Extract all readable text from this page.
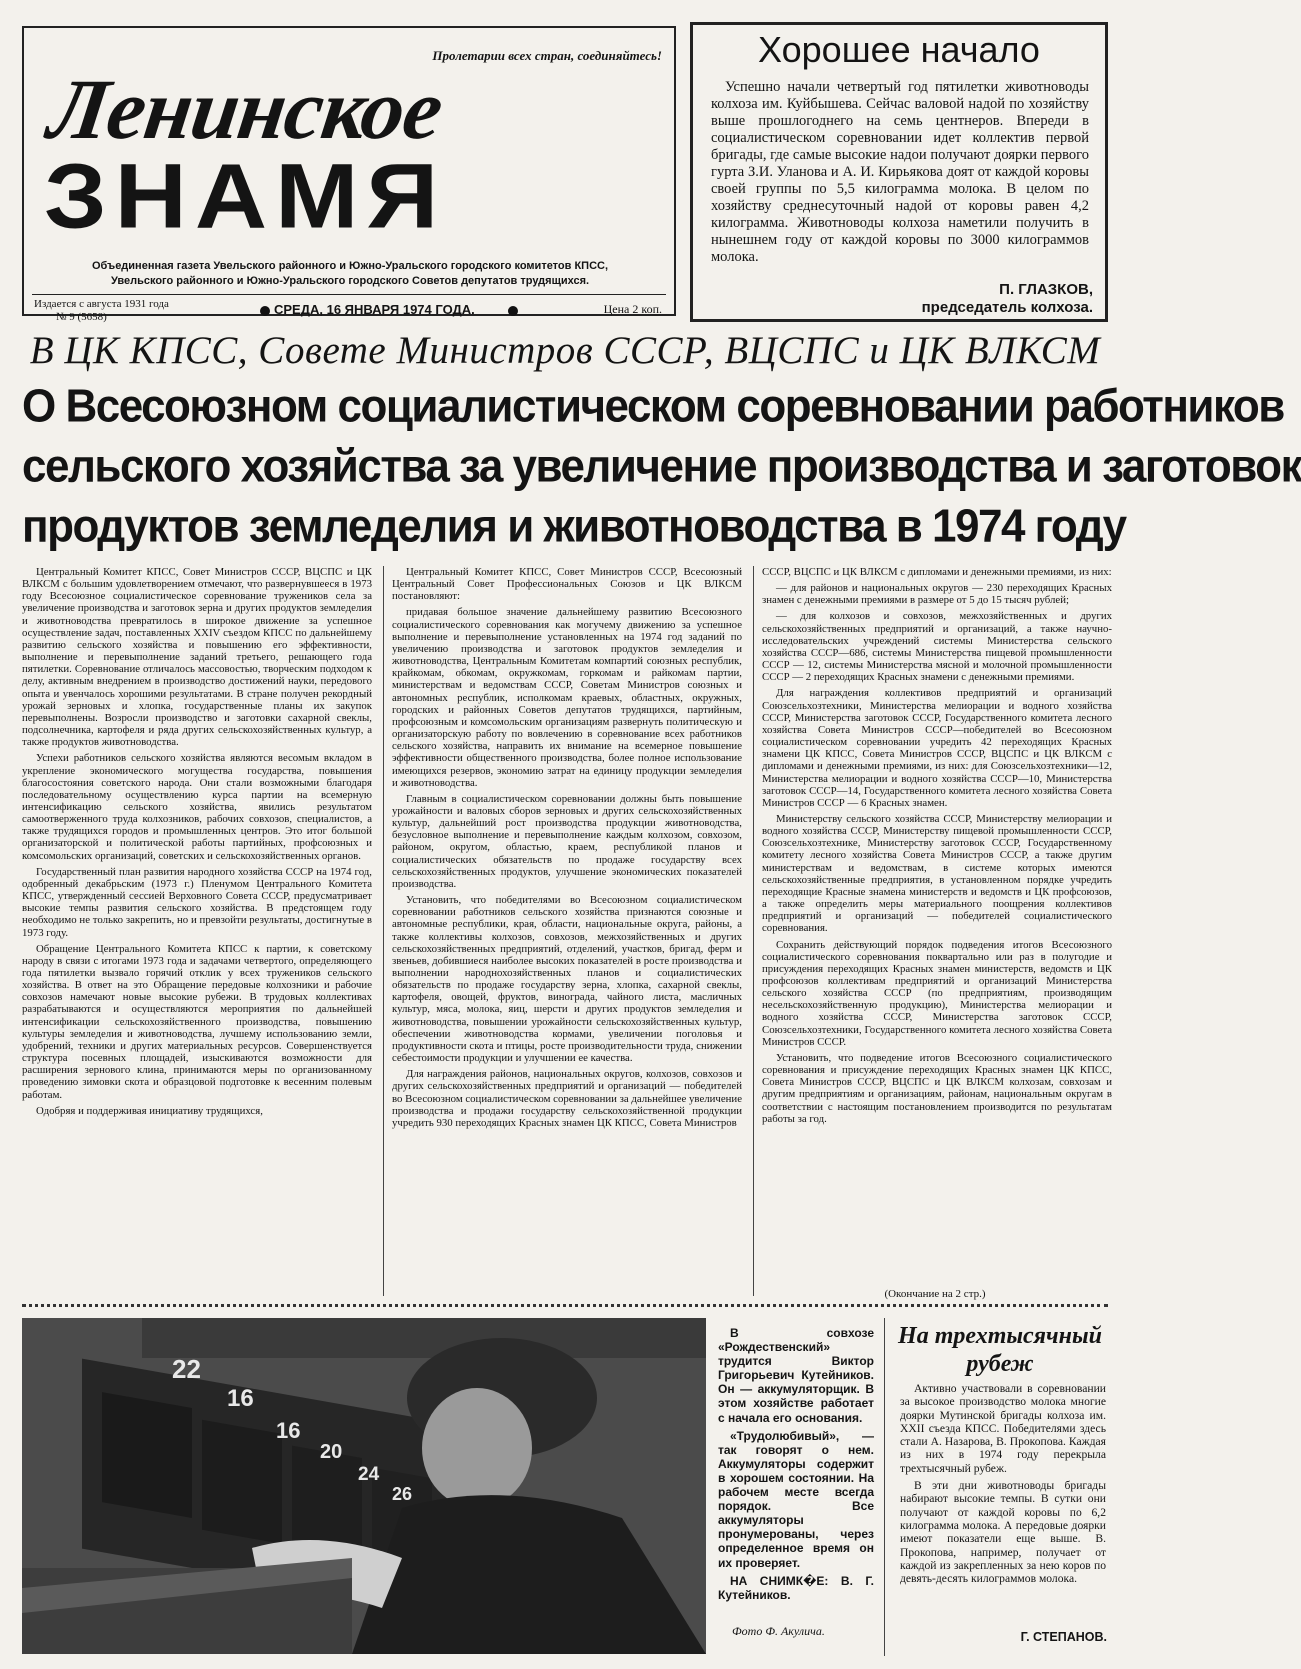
Пролетарии всех стран, соединяйтесь!
Ленинское
ЗНАМЯ
Объединенная газета Увельского районного и Южно-Уральского городского комитетов КПСС,
Увельского районного и Южно-Уральского городского Советов депутатов трудящихся.
Издается с августа 1931 года
№ 9 (5658)	СРЕДА, 16 ЯНВАРЯ 1974 ГОДА.	Цена 2 коп.
Хорошее начало
Успешно начали четвертый год пятилетки животноводы колхоза им. Куйбышева. Сейчас валовой надой по хозяйству выше прошлогоднего на семь центнеров. Впереди в социалистическом соревновании идет коллектив первой бригады, где самые высокие надои получают доярки первого гурта З.И. Уланова и А. И. Кирьякова доят от каждой коровы своей группы по 5,5 килограмма молока. В целом по хозяйству среднесуточный надой от коровы равен 4,2 килограмма. Животноводы колхоза наметили получить в нынешнем году от каждой коровы по 3000 килограммов молока.
П. ГЛАЗКОВ,
председатель колхоза.
В ЦК КПСС, Совете Министров СССР, ВЦСПС и ЦК ВЛКСМ
О Всесоюзном социалистическом соревновании работников
сельского хозяйства за увеличение производства и заготовок
продуктов земледелия и животноводства в 1974 году

Центральный Комитет КПСС, Совет Министров СССР, ВЦСПС и ЦК ВЛКСМ с большим удовлетворением отмечают, что развернувшееся в 1973 году Всесоюзное социалистическое соревнование тружеников села за увеличение производства и заготовок зерна и других продуктов земледелия и животноводства превратилось в широкое движение за успешное осуществление задач, поставленных XXIV съездом КПСС по дальнейшему развитию сельского хозяйства и повышению его эффективности, выполнение и перевыполнение заданий третьего, решающего года пятилетки. Соревнование отличалось массовостью, творческим подходом к делу, активным внедрением в производство достижений науки, передового опыта и увенчалось хорошими результатами. В стране получен рекордный урожай зерновых и хлопка, государственные планы их закупок перевыполнены. Возросли производство и заготовки сахарной свеклы, подсолнечника, картофеля и ряда других сельскохозяйственных культур, а также продуктов животноводства.

Успехи работников сельского хозяйства являются весомым вкладом в укрепление экономического могущества государства, повышения благосостояния советского народа. Они стали возможными благодаря последовательному осуществлению курса партии на всемерную интенсификацию сельского хозяйства, явились результатом самоотверженного труда колхозников, рабочих совхозов, специалистов, а также трудящихся городов и промышленных центров. Это итог большой организаторской и политической работы партийных, профсоюзных и комсомольских организаций, советских и сельскохозяйственных органов.

Государственный план развития народного хозяйства СССР на 1974 год, одобренный декабрьским (1973 г.) Пленумом Центрального Комитета КПСС, утвержденный сессией Верховного Совета СССР, предусматривает высокие темпы развития сельского хозяйства. В предстоящем году необходимо не только закрепить, но и превзойти результаты, достигнутые в 1973 году.

Обращение Центрального Комитета КПСС к партии, к советскому народу в связи с итогами 1973 года и задачами четвертого, определяющего года пятилетки вызвало горячий отклик у всех тружеников сельского хозяйства. В ответ на это Обращение передовые колхозники и рабочие совхозов намечают новые высокие рубежи. В трудовых коллективах разрабатываются и осуществляются мероприятия по дальнейшей интенсификации сельскохозяйственного производства, повышению культуры земледелия и животноводства, лучшему использованию земли, удобрений, техники и других материальных ресурсов. Совершенствуется структура посевных площадей, изыскиваются возможности для расширения зернового клина, принимаются меры по организованному проведению зимовки скота и образцовой подготовке к весенним полевым работам.

Одобряя и поддерживая инициативу трудящихся,

Центральный Комитет КПСС, Совет Министров СССР, Всесоюзный Центральный Совет Профессиональных Союзов и ЦК ВЛКСМ постановляют:

придавая большое значение дальнейшему развитию Всесоюзного социалистического соревнования как могучему движению за успешное выполнение и перевыполнение установленных на 1974 год заданий по увеличению производства и заготовок продуктов земледелия и животноводства, Центральным Комитетам компартий союзных республик, крайкомам, обкомам, окружкомам, горкомам и райкомам партии, министерствам и ведомствам СССР, Советам Министров союзных и автономных республик, исполкомам краевых, областных, окружных, городских и районных Советов депутатов трудящихся, партийным, профсоюзным и комсомольским организациям развернуть политическую и организаторскую работу по вовлечению в соревнование всех работников сельского хозяйства, направить их внимание на всемерное повышение эффективности общественного производства, более полное использование имеющихся резервов, экономию затрат на единицу продукции земледелия и животноводства.

Главным в социалистическом соревновании должны быть повышение урожайности и валовых сборов зерновых и других сельскохозяйственных культур, дальнейший рост производства продукции животноводства, безусловное выполнение и перевыполнение каждым колхозом, совхозом, районом, округом, областью, краем, республикой планов и социалистических обязательств по продаже государству всех сельскохозяйственных продуктов, улучшение экономических показателей производства.

Установить, что победителями во Всесоюзном социалистическом соревновании работников сельского хозяйства признаются союзные и автономные республики, края, области, национальные округа, районы, а также коллективы колхозов, совхозов, межхозяйственных и других сельскохозяйственных предприятий, отделений, участков, бригад, ферм и звеньев, добившиеся наиболее высоких показателей в росте производства и выполнении народнохозяйственных планов и социалистических обязательств по продаже государству зерна, хлопка, сахарной свеклы, картофеля, овощей, фруктов, винограда, чайного листа, масличных культур, мяса, молока, яиц, шерсти и других продуктов земледелия и животноводства, повышении урожайности сельскохозяйственных культур, обеспечении животноводства кормами, увеличении поголовья и продуктивности скота и птицы, росте производительности труда, снижении себестоимости продукции и улучшении ее качества.

Для награждения районов, национальных округов, колхозов, совхозов и других сельскохозяйственных предприятий и организаций — победителей во Всесоюзном социалистическом соревновании за дальнейшее увеличение производства и продажи государству сельскохозяйственной продукции учредить 930 переходящих Красных знамен ЦК КПСС, Совета Министров

СССР, ВЦСПС и ЦК ВЛКСМ с дипломами и денежными премиями, из них:

— для районов и национальных округов — 230 переходящих Красных знамен с денежными премиями в размере от 5 до 15 тысяч рублей;

— для колхозов и совхозов, межхозяйственных и других сельскохозяйственных предприятий и организаций, а также научно-исследовательских учреждений системы Министерства сельского хозяйства СССР—686, системы Министерства пищевой промышленности СССР — 12, системы Министерства мясной и молочной промышленности СССР — 2 переходящих Красных знамени с денежными премиями.

Для награждения коллективов предприятий и организаций Союзсельхозтехники, Министерства мелиорации и водного хозяйства СССР, Министерства заготовок СССР, Государственного комитета лесного хозяйства Совета Министров СССР—победителей во Всесоюзном социалистическом соревновании учредить 42 переходящих Красных знамени ЦК КПСС, Совета Министров СССР, ВЦСПС и ЦК ВЛКСМ с дипломами и денежными премиями, из них: для Союзсельхозтехники—12, Министерства мелиорации и водного хозяйства СССР—10, Министерства заготовок СССР—14, Государственного комитета лесного хозяйства Совета Министров СССР — 6 Красных знамен.

Министерству сельского хозяйства СССР, Министерству мелиорации и водного хозяйства СССР, Министерству пищевой промышленности СССР, Союзсельхозтехнике, Министерству заготовок СССР, Государственному комитету лесного хозяйства Совета Министров СССР, а также другим министерствам и ведомствам, в системе которых имеются сельскохозяйственные предприятия, в установленном порядке учредить переходящие Красные знамена министерств и ведомств и ЦК профсоюзов, а также определить меры материального поощрения коллективов предприятий и организаций — победителей социалистического соревнования.

Сохранить действующий порядок подведения итогов Всесоюзного социалистического соревнования поквартально или раз в полугодие и присуждения переходящих Красных знамен министерств, ведомств и ЦК профсоюзов коллективам предприятий и организаций Министерства сельского хозяйства СССР (по предприятиям, производящим несельскохозяйственную продукцию), Министерства мелиорации и водного хозяйства СССР, Министерства заготовок СССР, Союзсельхозтехники, Государственного комитета лесного хозяйства Совета Министров СССР.

Установить, что подведение итогов Всесоюзного социалистического соревнования и присуждение переходящих Красных знамен ЦК КПСС, Совета Министров СССР, ВЦСПС и ЦК ВЛКСМ колхозам, совхозам и другим предприятиям и организациям, районам, национальным округам в соответствии с настоящим постановлением производится по результатам работы за год.

(Окончание на 2 стр.)
22
16
16
20
24
26

В совхозе «Рождественский» трудится Виктор Григорьевич Кутейников. Он — аккумуляторщик. В этом хозяйстве работает с начала его основания.

«Трудолюбивый», — так говорят о нем. Аккумуляторы содержит в хорошем состоянии. На рабочем месте всегда порядок. Все аккумуляторы пронумерованы, через определенное время он их проверяет.

НА СНИМК�Е: В. Г. Кутейников.

Фото Ф. Акулича.
На трехтысячный рубеж

Активно участвовали в соревновании за высокое производство молока многие доярки Мутинской бригады колхоза им. XXII съезда КПСС. Победителями здесь стали А. Назарова, В. Прокопова. Каждая из них в 1974 году перекрыла трехтысячный рубеж.

В эти дни животноводы бригады набирают высокие темпы. В сутки они получают от каждой коровы по 6,2 килограмма молока. А передовые доярки имеют показатели еще выше. В. Прокопова, например, получает от каждой из закрепленных за нею коров по девять-десять килограммов молока.

Г. СТЕПАНОВ.
